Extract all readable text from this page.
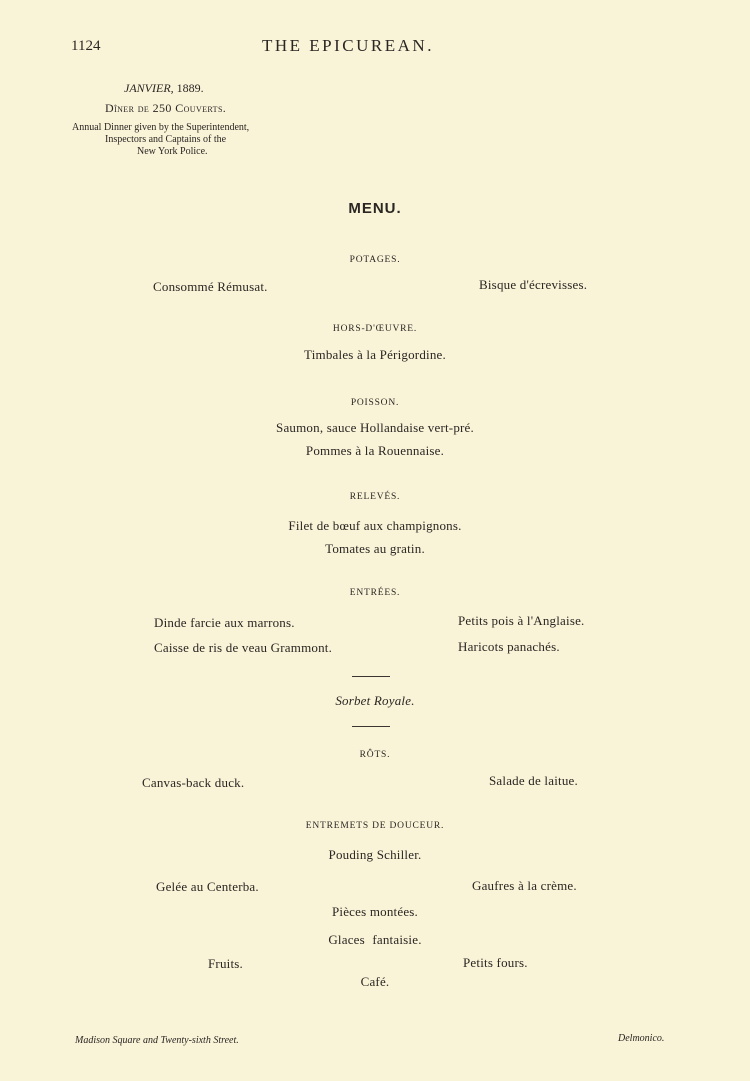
1124	THE EPICUREAN.
JANVIER, 1889.
Dîner de 250 Couverts.
Annual Dinner given by the Superintendent,
Inspectors and Captains of the
New York Police.
MENU.
POTAGES.
Consommé Rémusat.	Bisque d'écrevisses.
HORS-D'ŒUVRE.
Timbales à la Périgordine.
POISSON.
Saumon, sauce Hollandaise vert-pré.
Pommes à la Rouennaise.
RELEVÉS.
Filet de bœuf aux champignons.
Tomates au gratin.
ENTRÉES.
Dinde farcie aux marrons.	Petits pois à l'Anglaise.
Caisse de ris de veau Grammont.	Haricots panachés.
Sorbet Royale.
RÔTS.
Canvas-back duck.	Salade de laitue.
ENTREMETS DE DOUCEUR.
Pouding Schiller.
Gelée au Centerba.	Gaufres à la crème.
Pièces montées.
Glaces fantaisie.
Fruits.	Petits fours.
Café.
Madison Square and Twenty-sixth Street.	Delmonico.
